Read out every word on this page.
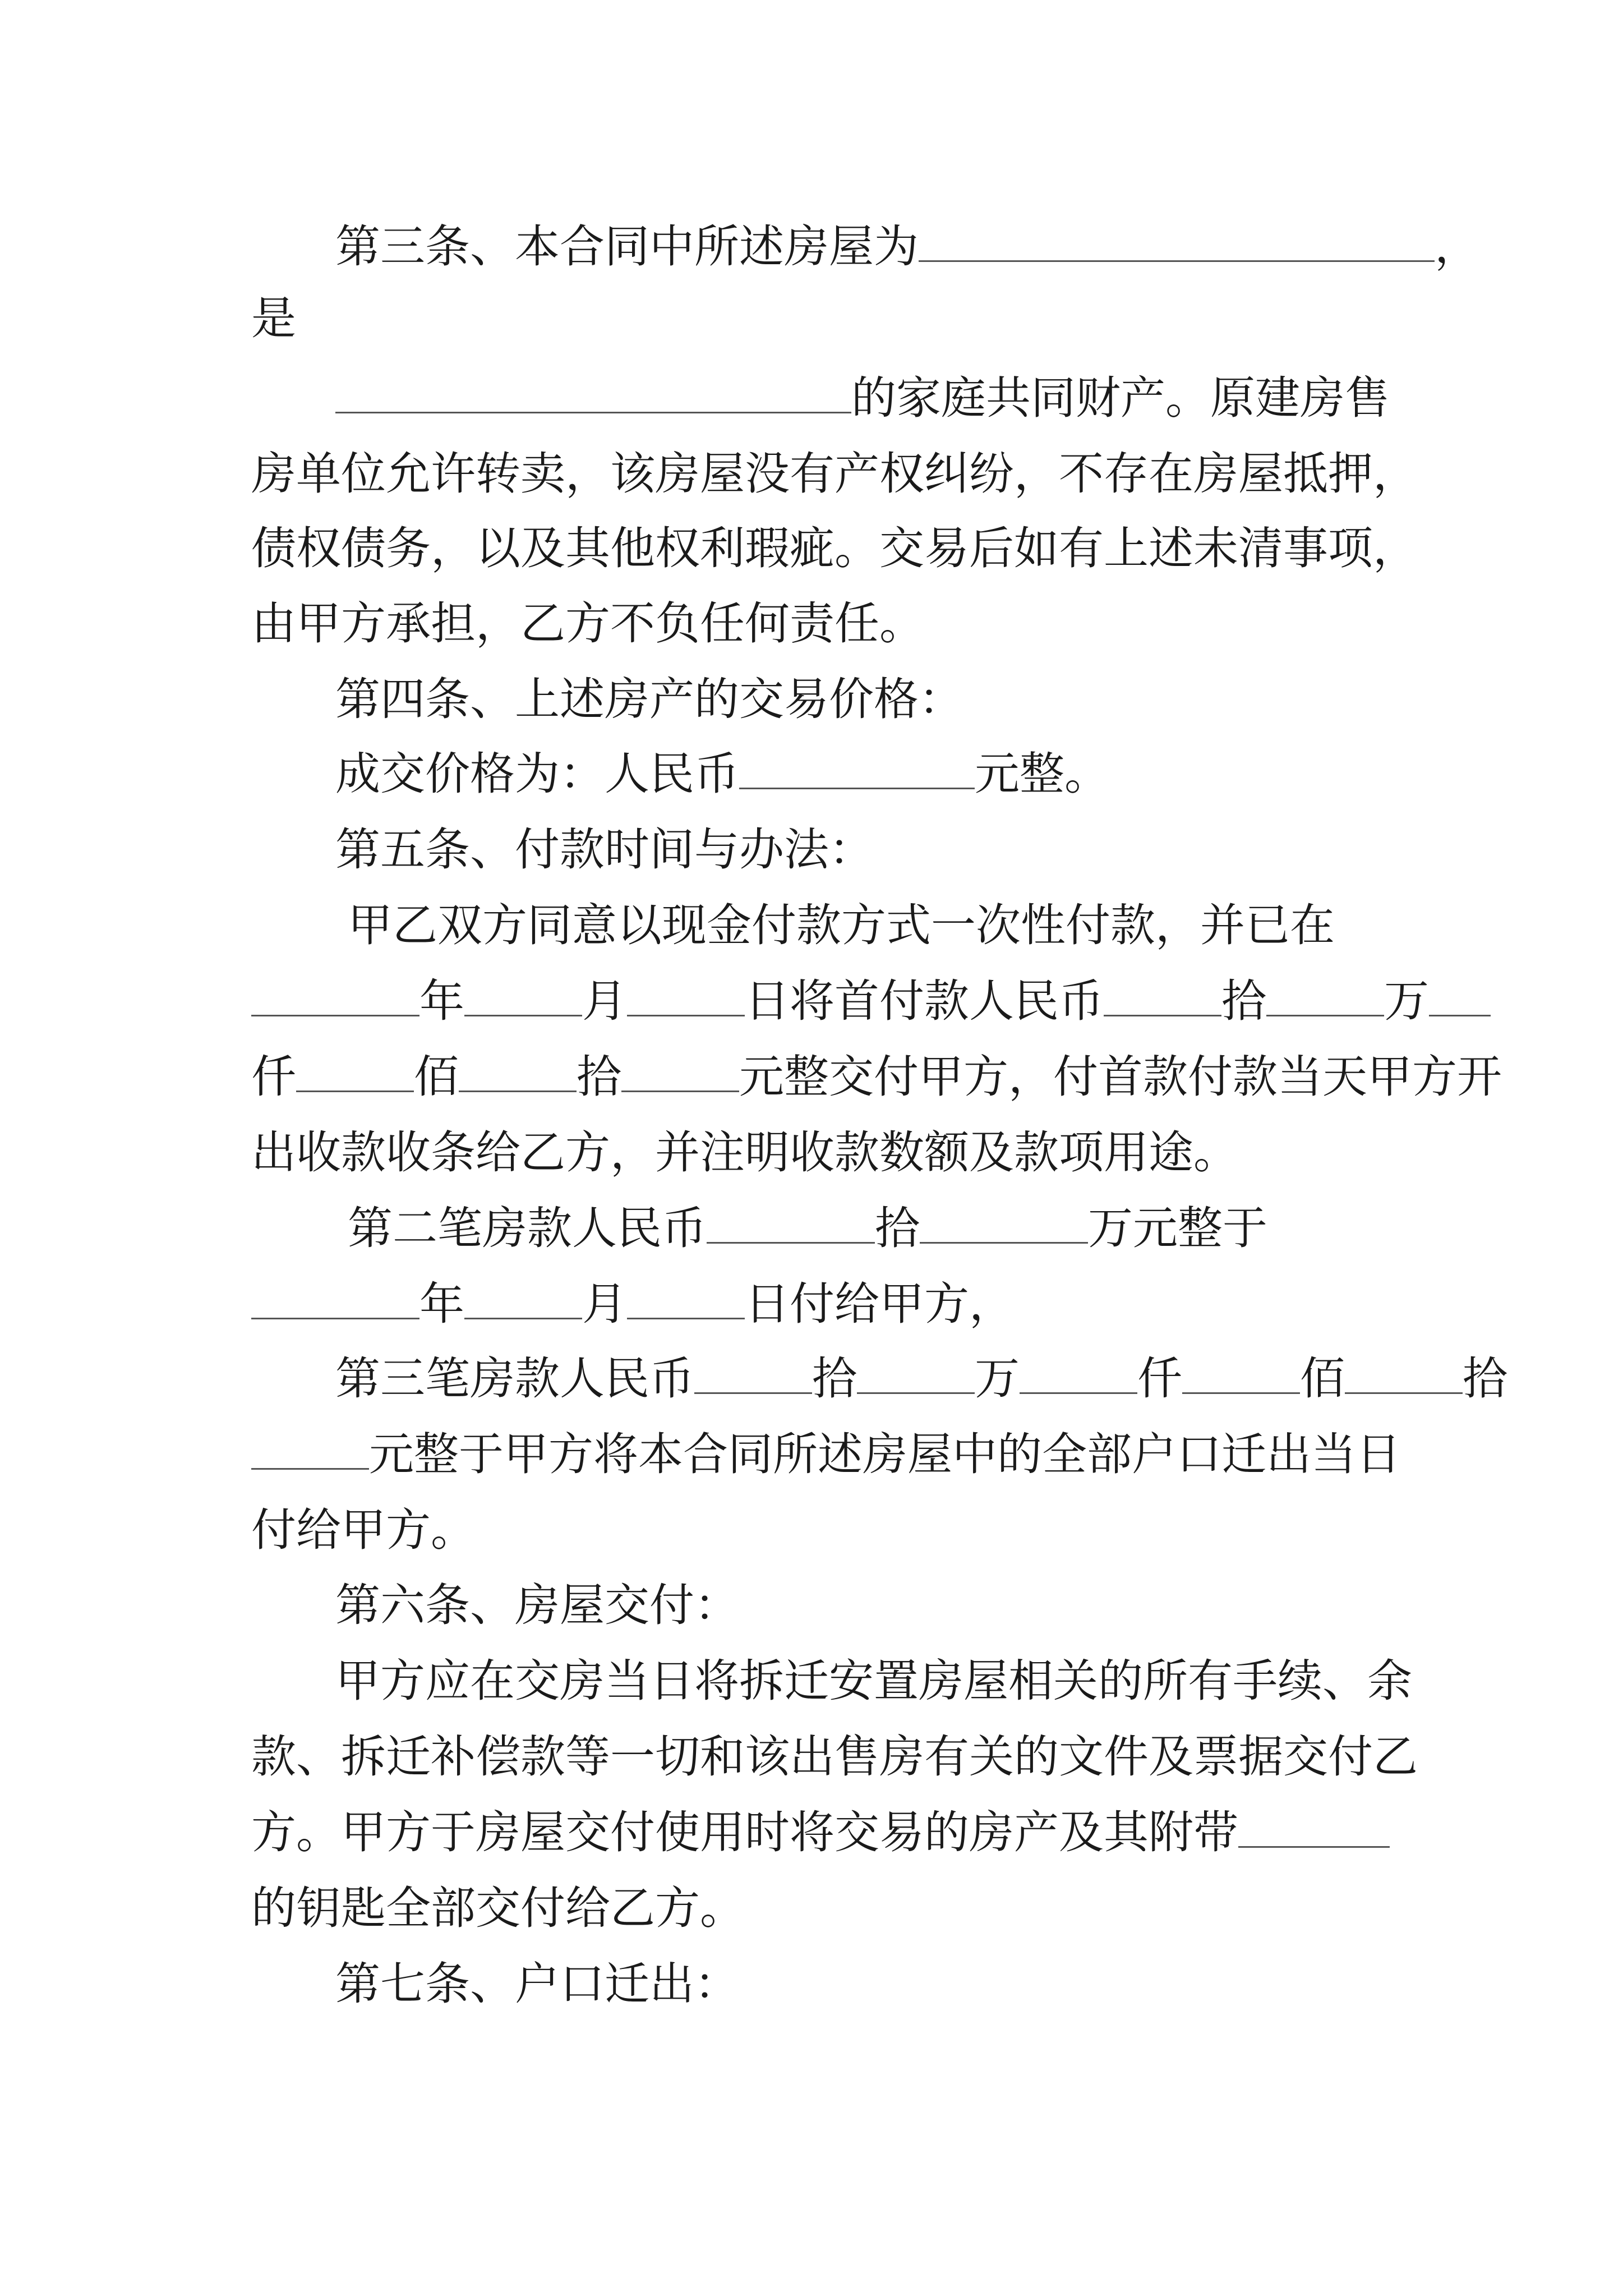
第三条、本合同中所述房屋为	，
是
的家庭共同财产。原建房售
房单位允许转卖，该房屋没有产权纠纷，不存在房屋抵押，
债权债务，以及其他权利瑕疵。交易后如有上述未清事项，
由甲方承担，乙方不负任何责任。
第四条、上述房产的交易价格：
成交价格为：人民币	元整。
第五条、付款时间与办法：
甲乙双方同意以现金付款方式一次性付款，并已在
年	月	日将首付款人民币	拾	万
仟	佰	拾	元整交付甲方，付首款付款当天甲方开
出收款收条给乙方，并注明收款数额及款项用途。
第二笔房款人民币	拾	万元整于
年	月	日付给甲方，
第三笔房款人民币	拾	万	仟	佰	拾
元整于甲方将本合同所述房屋中的全部户口迁出当日
付给甲方。
第六条、房屋交付：
甲方应在交房当日将拆迁安置房屋相关的所有手续、余
款、拆迁补偿款等一切和该出售房有关的文件及票据交付乙
方。甲方于房屋交付使用时将交易的房产及其附带
的钥匙全部交付给乙方。
第七条、户口迁出：
